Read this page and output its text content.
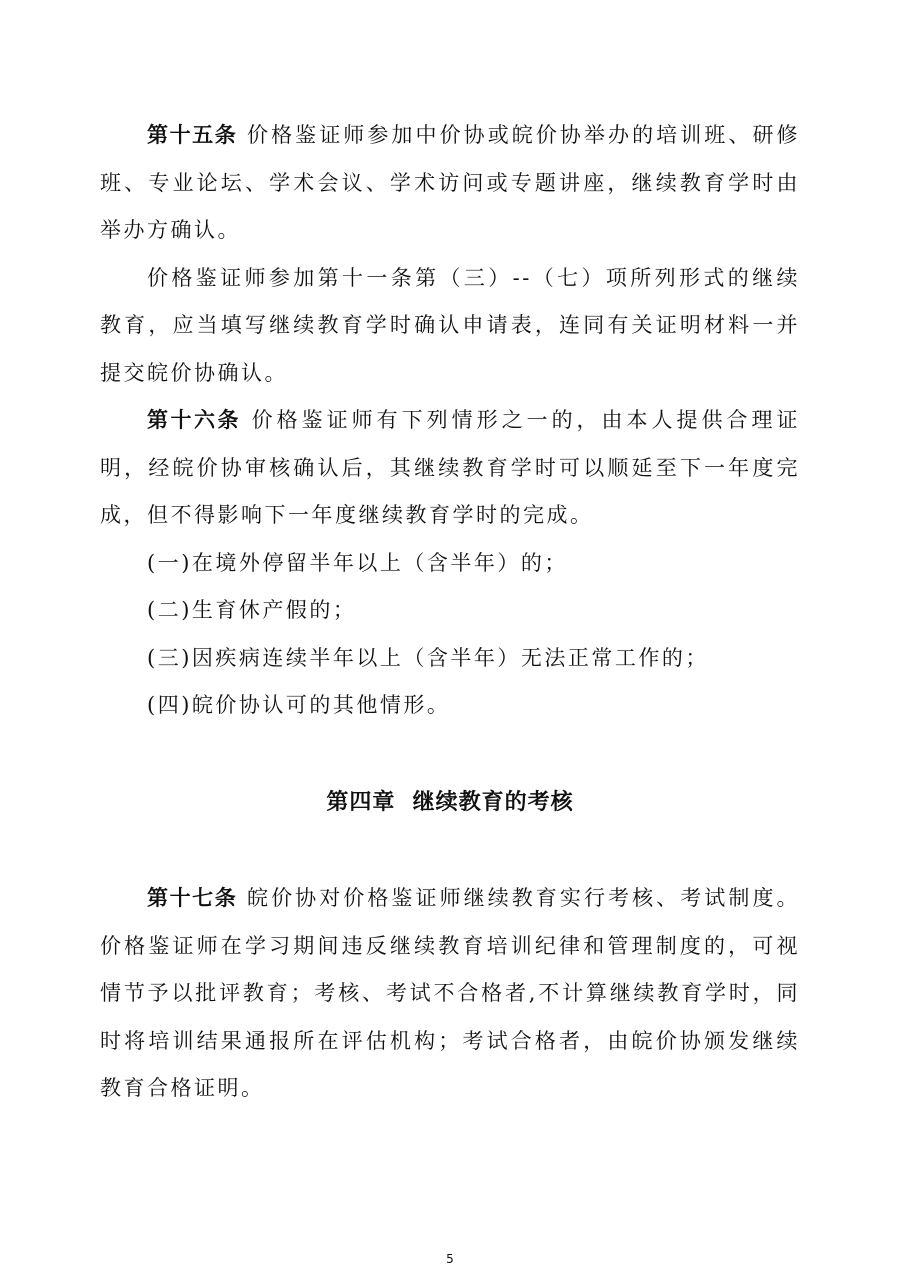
第十五条 价格鉴证师参加中价协或皖价协举办的培训班、研修班、专业论坛、学术会议、学术访问或专题讲座，继续教育学时由举办方确认。

价格鉴证师参加第十一条第（三）--（七）项所列形式的继续教育，应当填写继续教育学时确认申请表，连同有关证明材料一并提交皖价协确认。

第十六条 价格鉴证师有下列情形之一的，由本人提供合理证明，经皖价协审核确认后，其继续教育学时可以顺延至下一年度完成，但不得影响下一年度继续教育学时的完成。

(一)在境外停留半年以上（含半年）的；

(二)生育休产假的；

(三)因疾病连续半年以上（含半年）无法正常工作的；

(四)皖价协认可的其他情形。

第四章  继续教育的考核

第十七条 皖价协对价格鉴证师继续教育实行考核、考试制度。价格鉴证师在学习期间违反继续教育培训纪律和管理制度的，可视情节予以批评教育；考核、考试不合格者,不计算继续教育学时，同时将培训结果通报所在评估机构；考试合格者，由皖价协颁发继续教育合格证明。

5
